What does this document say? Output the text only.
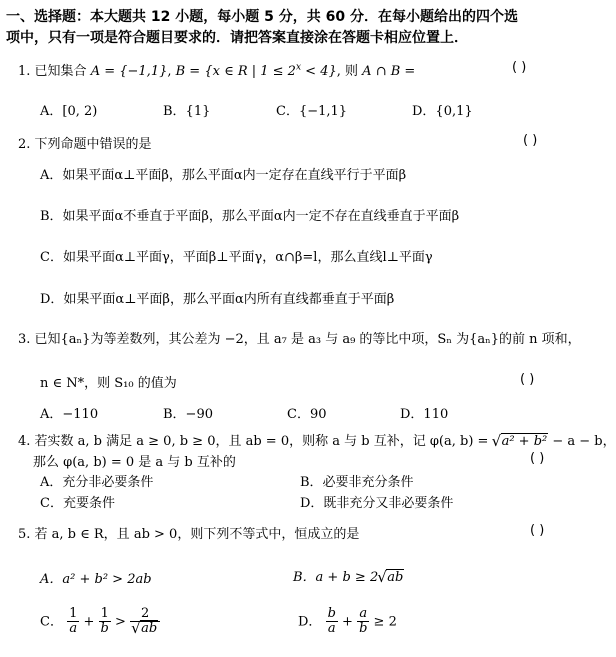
一、选择题：本大题共 12 小题，每小题 5 分，共 60 分．在每小题给出的四个选
项中，只有一项是符合题目要求的．请把答案直接涂在答题卡相应位置上．
1. 已知集合 A = {−1,1}, B = {x ∈ R | $1 \le 2^x < 4$}, 则 A ∩ B =	( )
A．[0, 2)	B．{1}	C．{−1,1}	D．{0,1}
2. 下列命题中错误的是	( )
A．如果平面α⊥平面β，那么平面α内一定存在直线平行于平面β
B．如果平面α不垂直于平面β，那么平面α内一定不存在直线垂直于平面β
C．如果平面α⊥平面γ，平面β⊥平面γ，α∩β=l，那么直线l⊥平面γ
D．如果平面α⊥平面β，那么平面α内所有直线都垂直于平面β
3. 已知{aₙ}为等差数列，其公差为 −2，且 a₇ 是 a₃ 与 a₉ 的等比中项，Sₙ 为{aₙ}的前 n 项和，
n ∈ N*，则 S₁₀ 的值为	( )
A．−110	B．−90	C．90	D．110
4. 若实数 a, b 满足 a ≥ 0, b ≥ 0，且 ab = 0，则称 a 与 b 互补，记 φ(a, b) = √ a² + b² − a − b，
那么 φ(a, b) = 0 是 a 与 b 互补的	( )
A．充分非必要条件	B．必要非充分条件
C．充要条件	D．既非充分又非必要条件
5. 若 a, b ∈ R，且 ab > 0，则下列不等式中，恒成立的是	( )
A．a² + b² > 2ab	B．a + b ≥ 2√ ab
C． $\frac{1}{a} + \frac{1}{b} > 2$
√ ab	D． $\frac{b}{a} + \frac{a}{b} \ge 2$
